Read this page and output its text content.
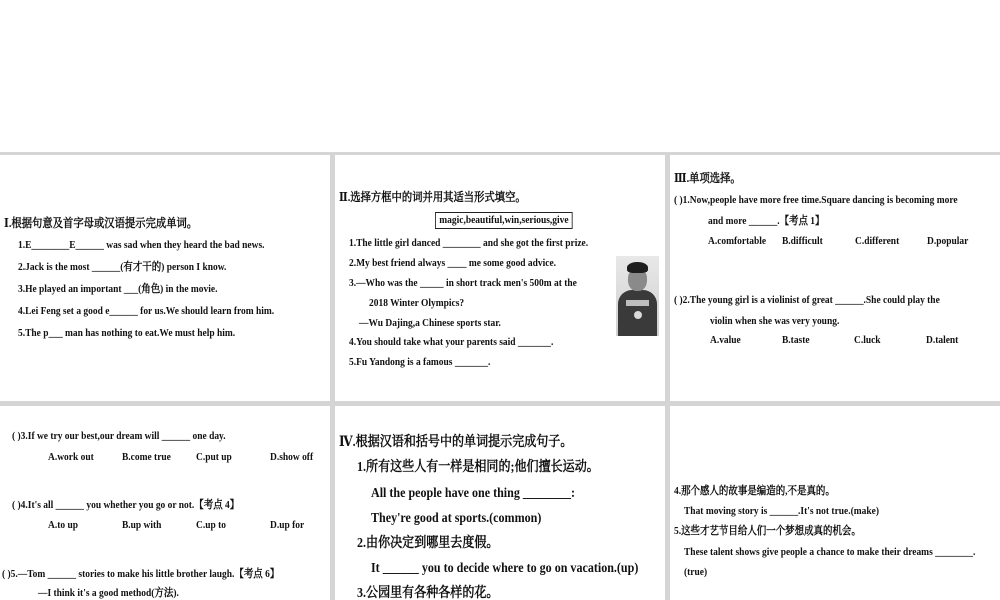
Ⅰ.根据句意及首字母或汉语提示完成单词。
1.E________E______ was sad when they heard the bad news.
2.Jack is the most ______(有才干的) person I know.
3.He played an important ___(角色) in the movie.
4.Lei Feng set a good e______ for us.We should learn from him.
5.The p___ man has nothing to eat.We must help him.
Ⅱ.选择方框中的词并用其适当形式填空。
magic,beautiful,win,serious,give
1.The little girl danced ________ and she got the first prize.
2.My best friend always ____ me some good advice.
3.—Who was the _____ in short track men's 500m at the
2018 Winter Olympics?
—Wu Dajing,a Chinese sports star.
4.You should take what your parents said _______.
5.Fu Yandong is a famous _______.
Ⅲ.单项选择。
( )1.Now,people have more free time.Square dancing is becoming more
and more ______.【考点 1】
A.comfortable B.difficult	C.different	D.popular
( )2.The young girl is a violinist of great ______.She could play the
violin when she was very young.
A.value	B.taste	C.luck	D.talent
( )3.If we try our best,our dream will ______ one day.
A.work out	B.come true C.put up	D.show off
( )4.It's all ______ you whether you go or not.【考点 4】
A.to up	B.up with	C.up to	D.up for
( )5.—Tom ______ stories to make his little brother laugh.【考点 6】
—I think it's a good method(方法).
Ⅳ.根据汉语和括号中的单词提示完成句子。
1.所有这些人有一样是相同的;他们擅长运动。
All the people have one thing ________:
They're good at sports.(common)
2.由你决定到哪里去度假。
It ______ you to decide where to go on vacation.(up)
3.公园里有各种各样的花。
4.那个感人的故事是编造的,不是真的。
That moving story is ______.It's not true.(make)
5.这些才艺节目给人们一个梦想成真的机会。
These talent shows give people a chance to make their dreams ________.
(true)
